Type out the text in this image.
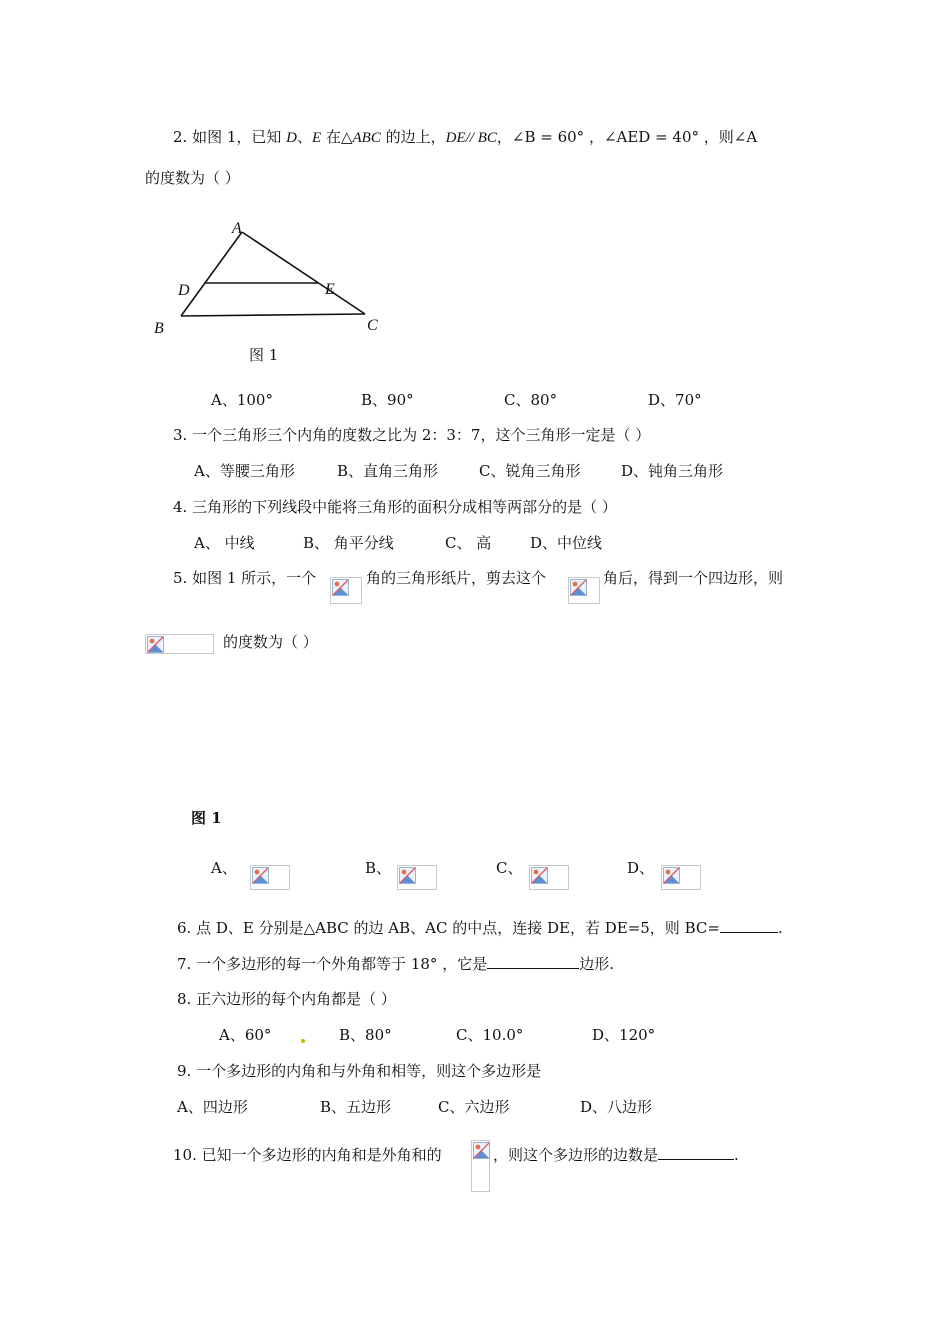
2. 如图 1，已知 D、E 在△ABC 的边上，DE// BC，∠B = 60° ，∠AED = 40° ，则∠A
的度数为（ ）
A
D	E
B	C
图 1
A、100°	B、90°	C、80°	D、70°
3. 一个三角形三个内角的度数之比为 2：3：7，这个三角形一定是（ ）
A、等腰三角形	B、直角三角形	C、锐角三角形	D、钝角三角形
4. 三角形的下列线段中能将三角形的面积分成相等两部分的是（ ）
A、 中线	B、 角平分线	C、 高	D、中位线
5. 如图 1 所示，一个	角的三角形纸片，剪去这个	角后，得到一个四边形，则
的度数为（ ）
图 1
A、	B、	C、	D、
6. 点 D、E 分别是△ABC 的边 AB、AC 的中点，连接 DE，若 DE=5，则 BC=	.
7. 一个多边形的每一个外角都等于 18° ，它是	边形.
8. 正六边形的每个内角都是（ ）
A、60°	B、80°	C、10.0°	D、120°
9. 一个多边形的内角和与外角和相等，则这个多边形是
A、四边形	B、五边形	C、六边形	D、八边形
10. 已知一个多边形的内角和是外角和的	，则这个多边形的边数是	.
